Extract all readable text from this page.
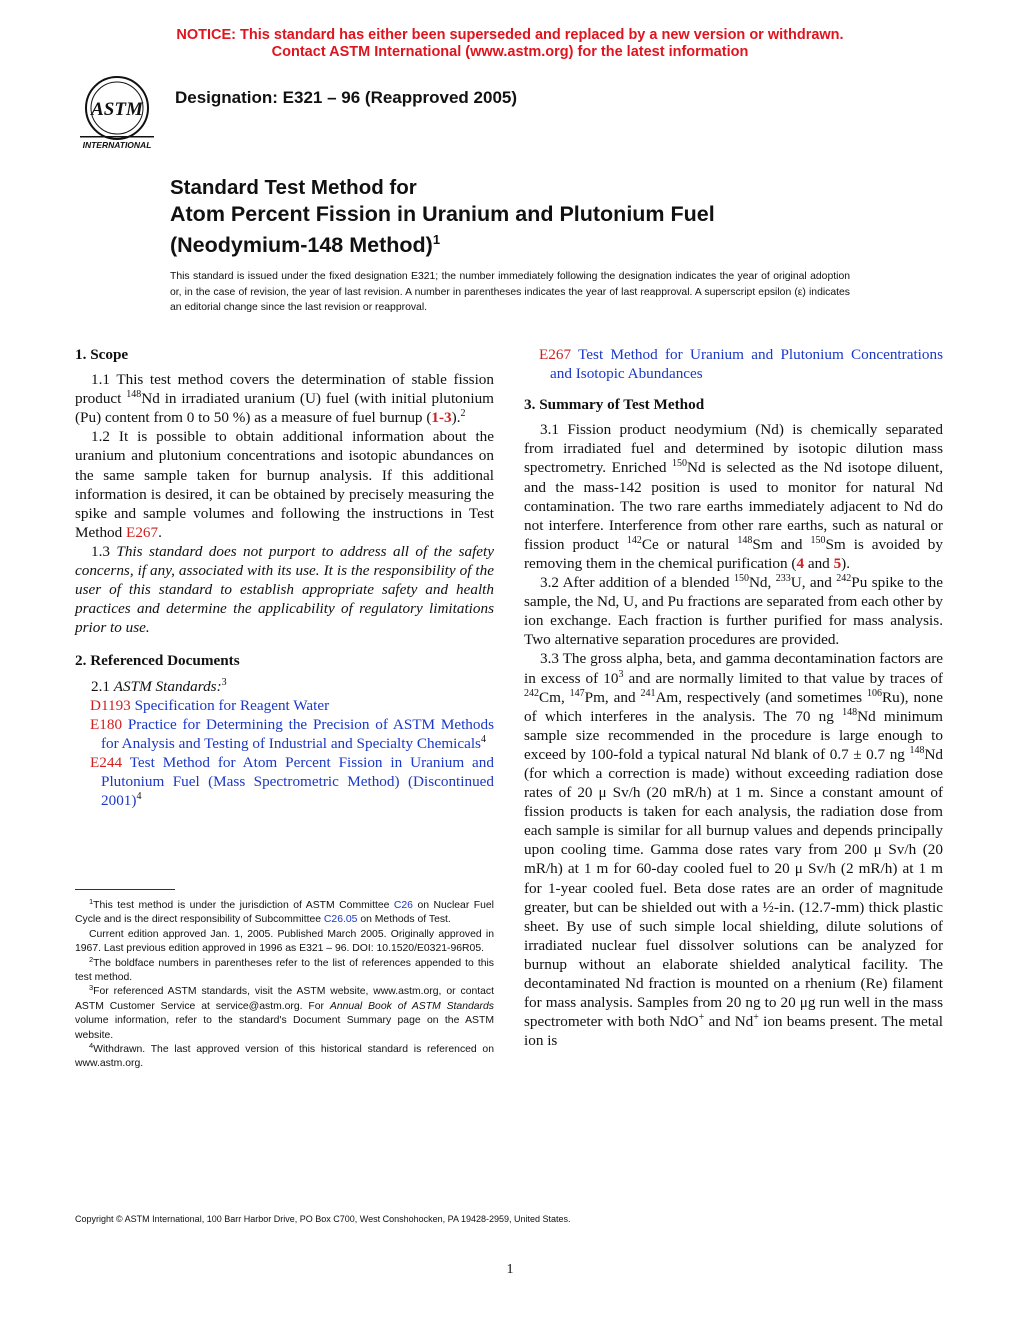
NOTICE: This standard has either been superseded and replaced by a new version or withdrawn.
Contact ASTM International (www.astm.org) for the latest information
ASTM
INTERNATIONAL
Designation: E321 – 96 (Reapproved 2005)
Standard Test Method for
Atom Percent Fission in Uranium and Plutonium Fuel
(Neodymium-148 Method)$^1$
This standard is issued under the fixed designation E321; the number immediately following the designation indicates the year of original adoption or, in the case of revision, the year of last revision. A number in parentheses indicates the year of last reapproval. A superscript epsilon (ε) indicates an editorial change since the last revision or reapproval.
1. Scope

1.1 This test method covers the determination of stable fission product $^{148}$Nd in irradiated uranium (U) fuel (with initial plutonium (Pu) content from 0 to 50 %) as a measure of fuel burnup (1-3).$^2$

1.2 It is possible to obtain additional information about the uranium and plutonium concentrations and isotopic abundances on the same sample taken for burnup analysis. If this additional information is desired, it can be obtained by precisely measuring the spike and sample volumes and following the instructions in Test Method E267.

1.3 This standard does not purport to address all of the safety concerns, if any, associated with its use. It is the responsibility of the user of this standard to establish appropriate safety and health practices and determine the applicability of regulatory limitations prior to use.

2. Referenced Documents

2.1 ASTM Standards:$^3$

D1193 Specification for Reagent Water

E180 Practice for Determining the Precision of ASTM Methods for Analysis and Testing of Industrial and Specialty Chemicals$^4$

E244 Test Method for Atom Percent Fission in Uranium and Plutonium Fuel (Mass Spectrometric Method) (Discontinued 2001)$^4$

$^1$This test method is under the jurisdiction of ASTM Committee C26 on Nuclear Fuel Cycle and is the direct responsibility of Subcommittee C26.05 on Methods of Test.

Current edition approved Jan. 1, 2005. Published March 2005. Originally approved in 1967. Last previous edition approved in 1996 as E321 – 96. DOI: 10.1520/E0321-96R05.

$^2$The boldface numbers in parentheses refer to the list of references appended to this test method.

$^3$For referenced ASTM standards, visit the ASTM website, www.astm.org, or contact ASTM Customer Service at service@astm.org. For Annual Book of ASTM Standards volume information, refer to the standard's Document Summary page on the ASTM website.

$^4$Withdrawn. The last approved version of this historical standard is referenced on www.astm.org.

E267 Test Method for Uranium and Plutonium Concentrations and Isotopic Abundances

3. Summary of Test Method

3.1 Fission product neodymium (Nd) is chemically separated from irradiated fuel and determined by isotopic dilution mass spectrometry. Enriched $^{150}$Nd is selected as the Nd isotope diluent, and the mass-142 position is used to monitor for natural Nd contamination. The two rare earths immediately adjacent to Nd do not interfere. Interference from other rare earths, such as natural or fission product $^{142}$Ce or natural $^{148}$Sm and $^{150}$Sm is avoided by removing them in the chemical purification (4 and 5).

3.2 After addition of a blended $^{150}$Nd, $^{233}$U, and $^{242}$Pu spike to the sample, the Nd, U, and Pu fractions are separated from each other by ion exchange. Each fraction is further purified for mass analysis. Two alternative separation procedures are provided.

3.3 The gross alpha, beta, and gamma decontamination factors are in excess of $10^3$ and are normally limited to that value by traces of $^{242}$Cm, $^{147}$Pm, and $^{241}$Am, respectively (and sometimes $^{106}$Ru), none of which interferes in the analysis. The 70 ng $^{148}$Nd minimum sample size recommended in the procedure is large enough to exceed by 100-fold a typical natural Nd blank of 0.7 ± 0.7 ng $^{148}$Nd (for which a correction is made) without exceeding radiation dose rates of 20 μ Sv/h (20 mR/h) at 1 m. Since a constant amount of fission products is taken for each analysis, the radiation dose from each sample is similar for all burnup values and depends principally upon cooling time. Gamma dose rates vary from 200 μ Sv/h (20 mR/h) at 1 m for 60-day cooled fuel to 20 μ Sv/h (2 mR/h) at 1 m for 1-year cooled fuel. Beta dose rates are an order of magnitude greater, but can be shielded out with a ½-in. (12.7-mm) thick plastic sheet. By use of such simple local shielding, dilute solutions of irradiated nuclear fuel dissolver solutions can be analyzed for burnup without an elaborate shielded analytical facility. The decontaminated Nd fraction is mounted on a rhenium (Re) filament for mass analysis. Samples from 20 ng to 20 μg run well in the mass spectrometer with both NdO+ and Nd+ ion beams present. The metal ion is

Copyright © ASTM International, 100 Barr Harbor Drive, PO Box C700, West Conshohocken, PA 19428-2959, United States.
1
